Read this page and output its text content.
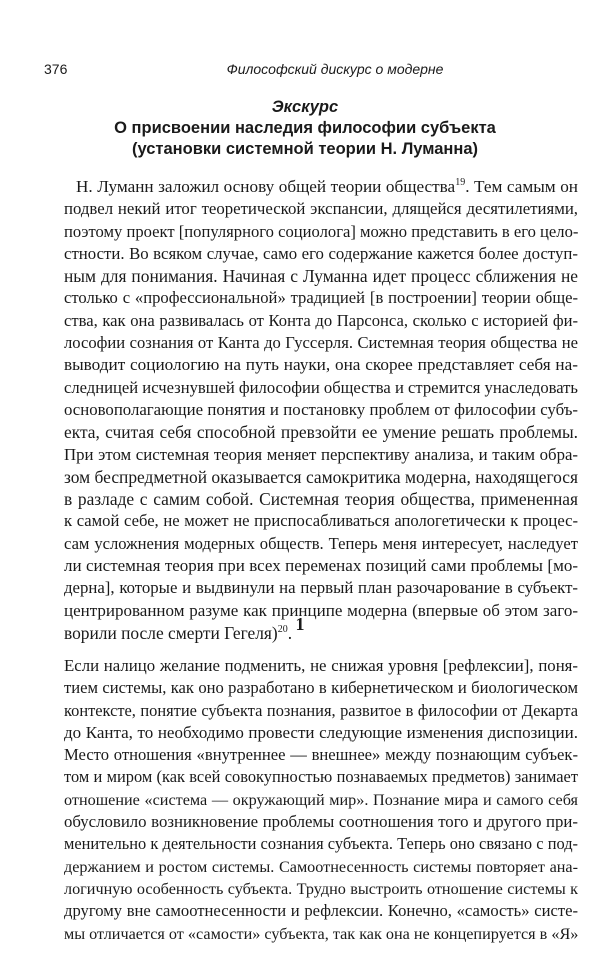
376	Философский дискурс о модерне
Экскурс
О присвоении наследия философии субъекта
(установки системной теории Н. Луманна)
Н. Луманн заложил основу общей теории общества$^{19}$. Тем самым он
подвел некий итог теоретической экспансии, длящейся десятилетиями,
поэтому проект [популярного социолога] можно представить в его цело-
стности. Во всяком случае, само его содержание кажется более доступ-
ным для понимания. Начиная с Луманна идет процесс сближения не
столько с «профессиональной» традицией [в построении] теории обще-
ства, как она развивалась от Конта до Парсонса, сколько с историей фи-
лософии сознания от Канта до Гуссерля. Системная теория общества не
выводит социологию на путь науки, она скорее представляет себя на-
следницей исчезнувшей философии общества и стремится унаследовать
основополагающие понятия и постановку проблем от философии субъ-
екта, считая себя способной превзойти ее умение решать проблемы.
При этом системная теория меняет перспективу анализа, и таким обра-
зом беспредметной оказывается самокритика модерна, находящегося
в разладе с самим собой. Системная теория общества, примененная
к самой себе, не может не приспосабливаться апологетически к процес-
сам усложнения модерных обществ. Теперь меня интересует, наследует
ли системная теория при всех переменах позиций сами проблемы [мо-
дерна], которые и выдвинули на первый план разочарование в субъект-
центрированном разуме как принципе модерна (впервые об этом заго-
ворили после смерти Гегеля)$^{20}$. 1
Если налицо желание подменить, не снижая уровня [рефлексии], поня-
тием системы, как оно разработано в кибернетическом и биологическом
контексте, понятие субъекта познания, развитое в философии от Декарта
до Канта, то необходимо провести следующие изменения диспозиции.
Место отношения «внутреннее — внешнее» между познающим субъек-
том и миром (как всей совокупностью познаваемых предметов) занимает
отношение «система — окружающий мир». Познание мира и самого себя
обусловило возникновение проблемы соотношения того и другого при-
менительно к деятельности сознания субъекта. Теперь оно связано с под-
держанием и ростом системы. Самоотнесенность системы повторяет ана-
логичную особенность субъекта. Трудно выстроить отношение системы к
другому вне самоотнесенности и рефлексии. Конечно, «самость» систе-
мы отличается от «самости» субъекта, так как она не концепируется в «Я»
